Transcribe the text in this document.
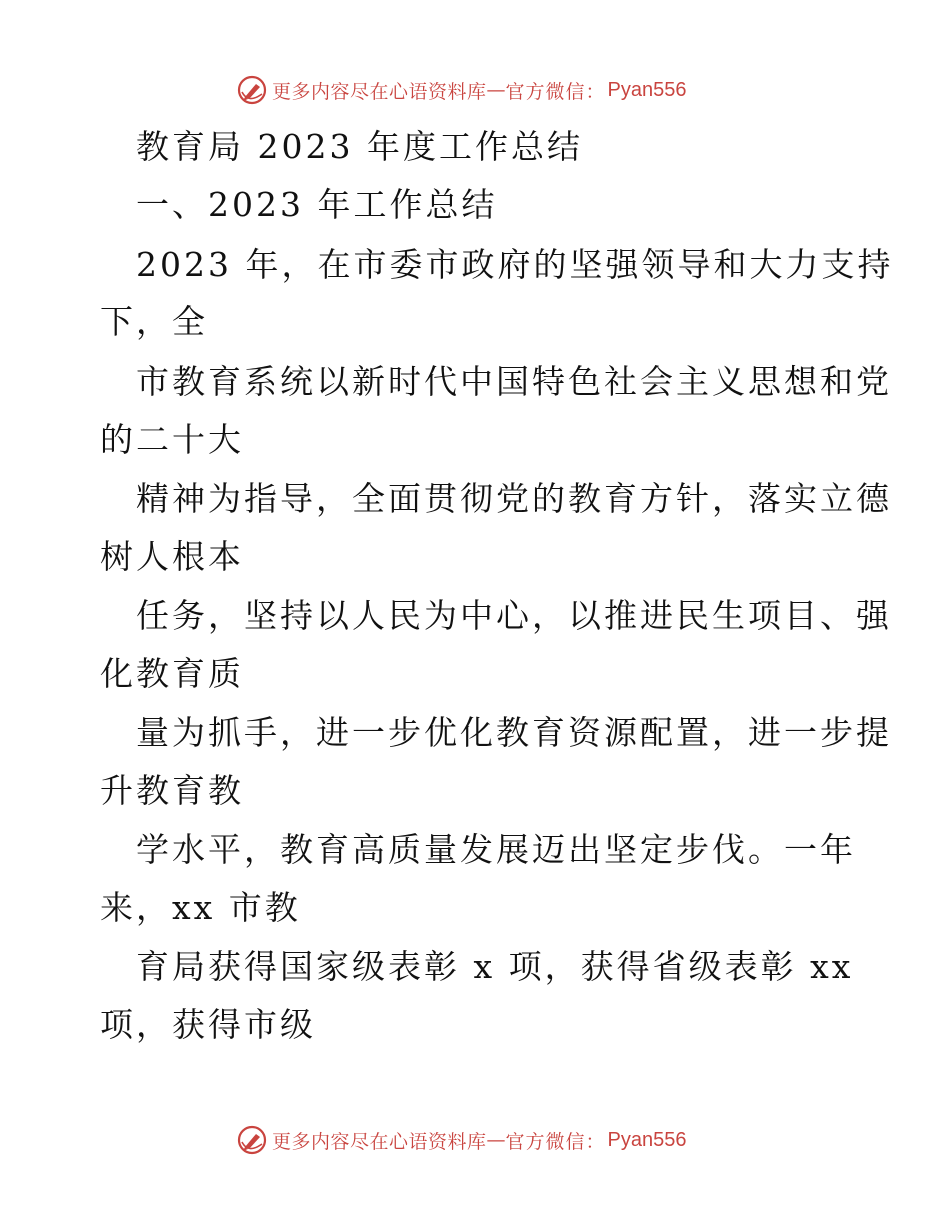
更多内容尽在心语资料库 — 官方微信： Pyan556
教育局 2023 年度工作总结
一、2023 年工作总结
2023 年，在市委市政府的坚强领导和大力支持
下，全
市教育系统以新时代中国特色社会主义思想和党
的二十大
精神为指导，全面贯彻党的教育方针，落实立德
树人根本
任务，坚持以人民为中心，以推进民生项目、强
化教育质
量为抓手，进一步优化教育资源配置，进一步提
升教育教
学水平，教育高质量发展迈出坚定步伐。一年
来，xx 市教
育局获得国家级表彰 x 项，获得省级表彰 xx
项，获得市级
更多内容尽在心语资料库 — 官方微信： Pyan556
